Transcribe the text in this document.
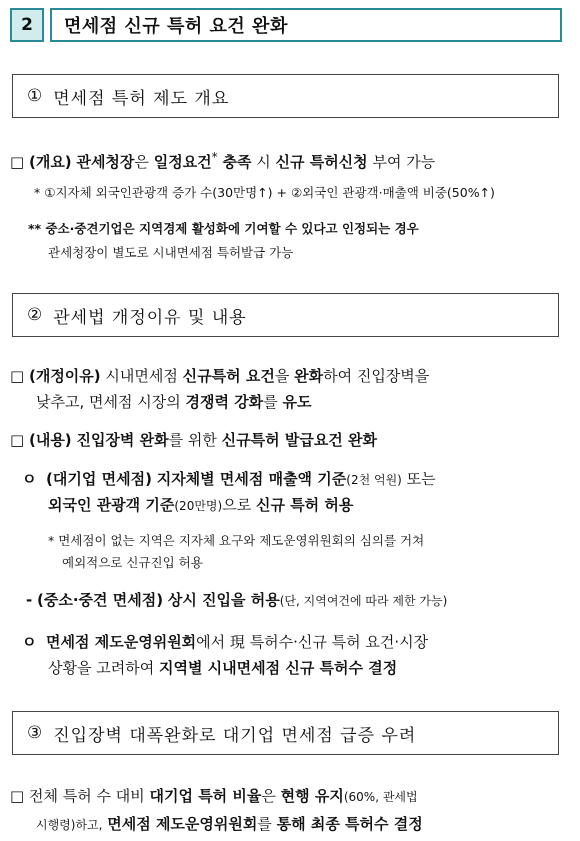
2	면세점 신규 특허 요건 완화
① 면세점 특허 제도 개요
□ (개요) 관세청장은 일정요건* 충족 시 신규 특허신청 부여 가능
* ①지자체 외국인관광객 증가 수(30만명↑) + ②외국인 관광객·매출액 비중(50%↑)
** 중소·중견기업은 지역경제 활성화에 기여할 수 있다고 인정되는 경우
관세청장이 별도로 시내면세점 특허발급 가능
② 관세법 개정이유 및 내용
□ (개정이유) 시내면세점 신규특허 요건을 완화하여 진입장벽을
낮추고, 면세점 시장의 경쟁력 강화를 유도
□ (내용) 진입장벽 완화를 위한 신규특허 발급요건 완화
ㅇ (대기업 면세점) 지자체별 면세점 매출액 기준(2천 억원) 또는
외국인 관광객 기준(20만명)으로 신규 특허 허용
* 면세점이 없는 지역은 지자체 요구와 제도운영위원회의 심의를 거쳐
예외적으로 신규진입 허용
- (중소·중견 면세점) 상시 진입을 허용(단, 지역여건에 따라 제한 가능)
ㅇ 면세점 제도운영위원회에서 現 특허수·신규 특허 요건·시장
상황을 고려하여 지역별 시내면세점 신규 특허수 결정
③ 진입장벽 대폭완화로 대기업 면세점 급증 우려
□ 전체 특허 수 대비 대기업 특허 비율은 현행 유지(60%, 관세법
시행령)하고, 면세점 제도운영위원회를 통해 최종 특허수 결정
